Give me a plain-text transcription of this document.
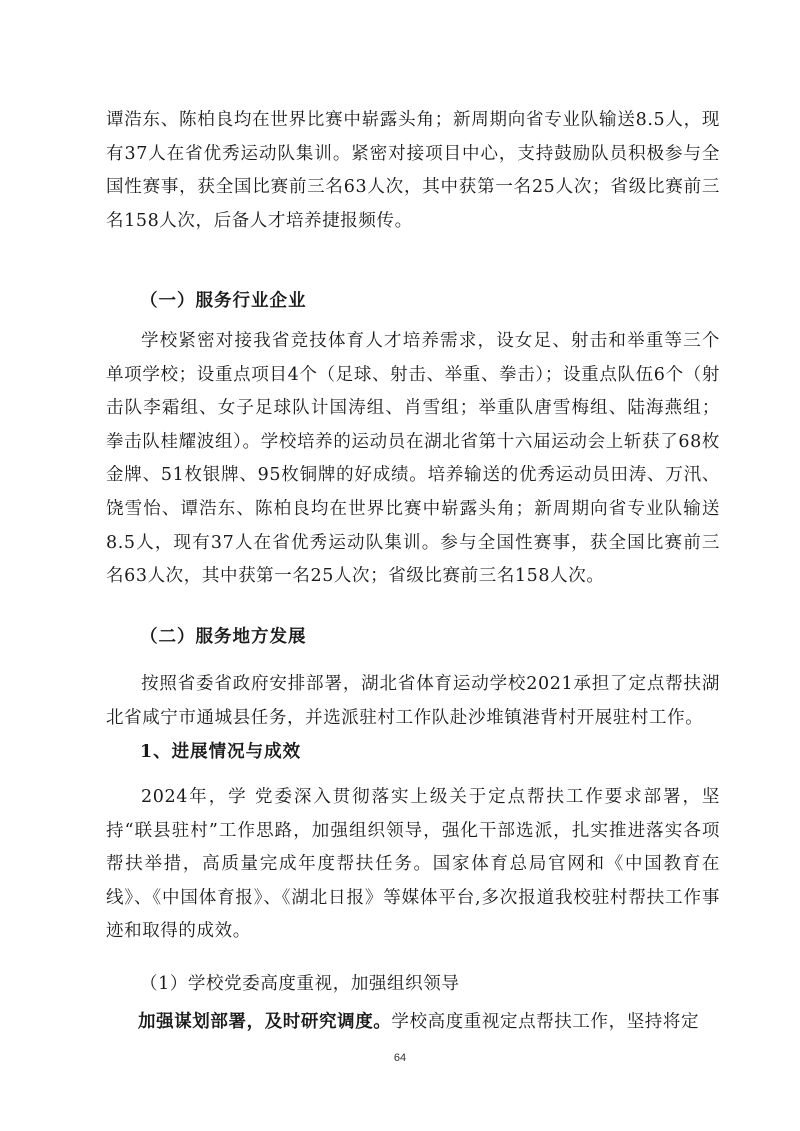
谭浩东、陈柏良均在世界比赛中崭露头角；新周期向省专业队输送8.5人，现有37人在省优秀运动队集训。紧密对接项目中心，支持鼓励队员积极参与全国性赛事，获全国比赛前三名63人次，其中获第一名25人次；省级比赛前三名158人次，后备人才培养捷报频传。

（一）服务行业企业

学校紧密对接我省竞技体育人才培养需求，设女足、射击和举重等三个单项学校；设重点项目4个（足球、射击、举重、拳击）；设重点队伍6个（射击队李霜组、女子足球队计国涛组、肖雪组；举重队唐雪梅组、陆海燕组；拳击队桂耀波组）。学校培养的运动员在湖北省第十六届运动会上斩获了68枚金牌、51枚银牌、95枚铜牌的好成绩。培养输送的优秀运动员田涛、万汛、饶雪怡、谭浩东、陈柏良均在世界比赛中崭露头角；新周期向省专业队输送8.5人，现有37人在省优秀运动队集训。参与全国性赛事，获全国比赛前三名63人次，其中获第一名25人次；省级比赛前三名158人次。

（二）服务地方发展

按照省委省政府安排部署，湖北省体育运动学校2021承担了定点帮扶湖北省咸宁市通城县任务，并选派驻村工作队赴沙堆镇港背村开展驻村工作。

1、进展情况与成效

2024年，学 党委深入贯彻落实上级关于定点帮扶工作要求部署，坚持“联县驻村”工作思路，加强组织领导，强化干部选派，扎实推进落实各项帮扶举措，高质量完成年度帮扶任务。国家体育总局官网和《中国教育在线》、《中国体育报》、《湖北日报》等媒体平台,多次报道我校驻村帮扶工作事迹和取得的成效。

（1）学校党委高度重视，加强组织领导

加强谋划部署，及时研究调度。学校高度重视定点帮扶工作，坚持将定

64
